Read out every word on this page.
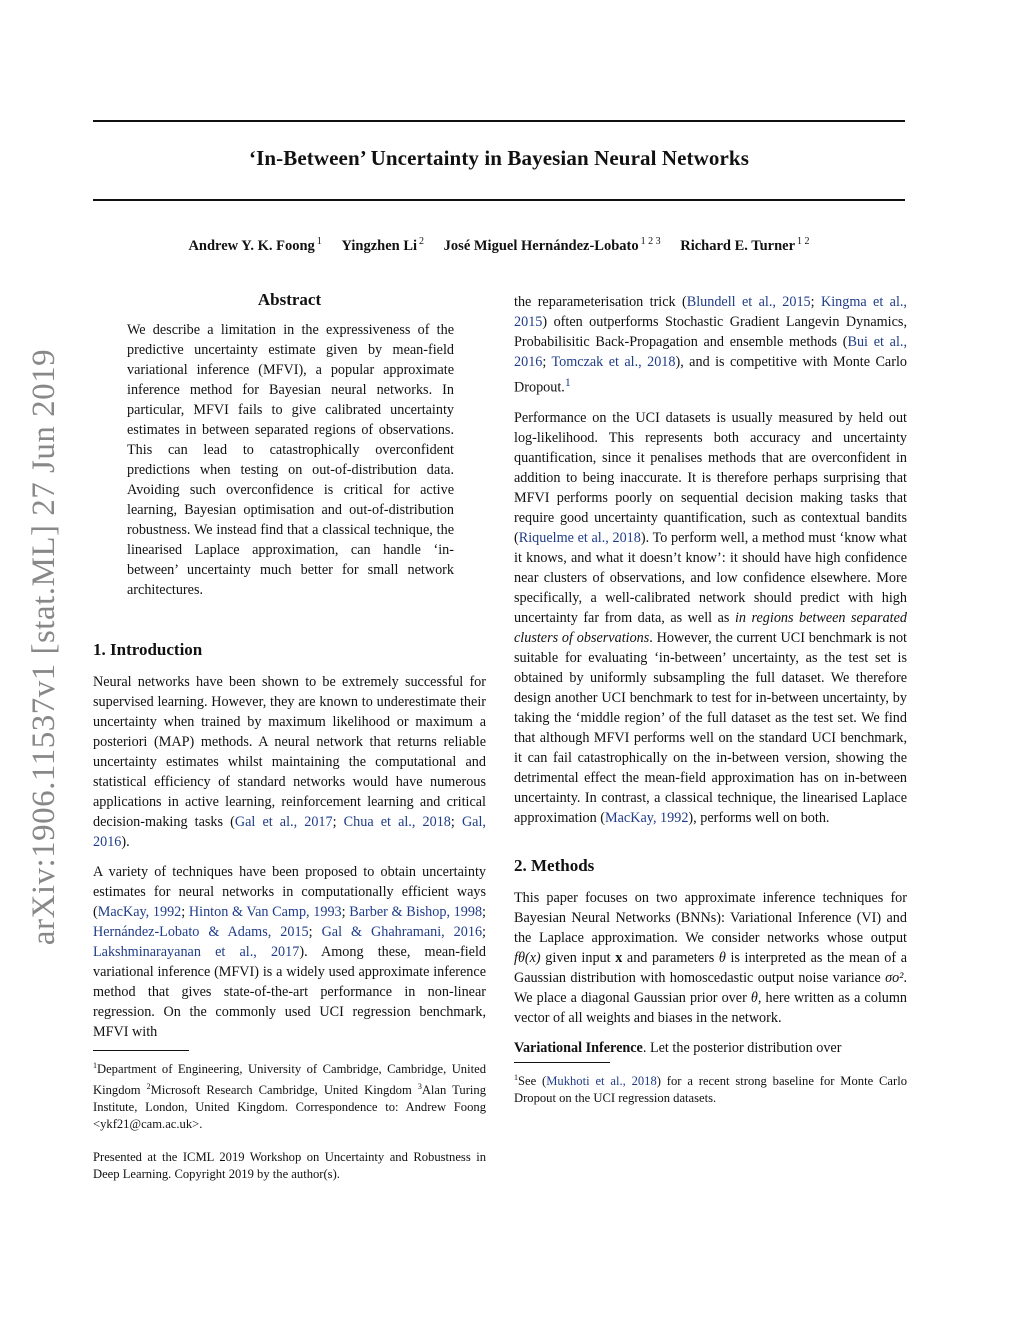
‘In-Between’ Uncertainty in Bayesian Neural Networks
Andrew Y. K. Foong $^1$ Yingzhen Li $^2$ José Miguel Hernández-Lobato $^{1 2 3}$ Richard E. Turner $^{1 2}$
arXiv:1906.11537v1 [stat.ML] 27 Jun 2019
Abstract

We describe a limitation in the expressiveness of the predictive uncertainty estimate given by mean-field variational inference (MFVI), a popular approximate inference method for Bayesian neural networks. In particular, MFVI fails to give calibrated uncertainty estimates in between separated regions of observations. This can lead to catastrophically overconfident predictions when testing on out-of-distribution data. Avoiding such overconfidence is critical for active learning, Bayesian optimisation and out-of-distribution robustness. We instead find that a classical technique, the linearised Laplace approximation, can handle ‘in-between’ uncertainty much better for small network architectures.

1. Introduction

Neural networks have been shown to be extremely successful for supervised learning. However, they are known to underestimate their uncertainty when trained by maximum likelihood or maximum a posteriori (MAP) methods. A neural network that returns reliable uncertainty estimates whilst maintaining the computational and statistical efficiency of standard networks would have numerous applications in active learning, reinforcement learning and critical decision-making tasks (Gal et al., 2017; Chua et al., 2018; Gal, 2016).

A variety of techniques have been proposed to obtain uncertainty estimates for neural networks in computationally efficient ways (MacKay, 1992; Hinton & Van Camp, 1993; Barber & Bishop, 1998; Hernández-Lobato & Adams, 2015; Gal & Ghahramani, 2016; Lakshminarayanan et al., 2017). Among these, mean-field variational inference (MFVI) is a widely used approximate inference method that gives state-of-the-art performance in non-linear regression. On the commonly used UCI regression benchmark, MFVI with

$^1$Department of Engineering, University of Cambridge, Cambridge, United Kingdom $^2$Microsoft Research Cambridge, United Kingdom $^3$Alan Turing Institute, London, United Kingdom. Correspondence to: Andrew Foong <ykf21@cam.ac.uk>.

Presented at the ICML 2019 Workshop on Uncertainty and Robustness in Deep Learning. Copyright 2019 by the author(s).

the reparameterisation trick (Blundell et al., 2015; Kingma et al., 2015) often outperforms Stochastic Gradient Langevin Dynamics, Probabilisitic Back-Propagation and ensemble methods (Bui et al., 2016; Tomczak et al., 2018), and is competitive with Monte Carlo Dropout.$^1$

Performance on the UCI datasets is usually measured by held out log-likelihood. This represents both accuracy and uncertainty quantification, since it penalises methods that are overconfident in addition to being inaccurate. It is therefore perhaps surprising that MFVI performs poorly on sequential decision making tasks that require good uncertainty quantification, such as contextual bandits (Riquelme et al., 2018). To perform well, a method must ‘know what it knows, and what it doesn’t know’: it should have high confidence near clusters of observations, and low confidence elsewhere. More specifically, a well-calibrated network should predict with high uncertainty far from data, as well as in regions between separated clusters of observations. However, the current UCI benchmark is not suitable for evaluating ‘in-between’ uncertainty, as the test set is obtained by uniformly subsampling the full dataset. We therefore design another UCI benchmark to test for in-between uncertainty, by taking the ‘middle region’ of the full dataset as the test set. We find that although MFVI performs well on the standard UCI benchmark, it can fail catastrophically on the in-between version, showing the detrimental effect the mean-field approximation has on in-between uncertainty. In contrast, a classical technique, the linearised Laplace approximation (MacKay, 1992), performs well on both.

2. Methods

This paper focuses on two approximate inference techniques for Bayesian Neural Networks (BNNs): Variational Inference (VI) and the Laplace approximation. We consider networks whose output fθ(x) given input x and parameters θ is interpreted as the mean of a Gaussian distribution with homoscedastic output noise variance σo². We place a diagonal Gaussian prior over θ, here written as a column vector of all weights and biases in the network.

Variational Inference. Let the posterior distribution over

$^1$See (Mukhoti et al., 2018) for a recent strong baseline for Monte Carlo Dropout on the UCI regression datasets.
